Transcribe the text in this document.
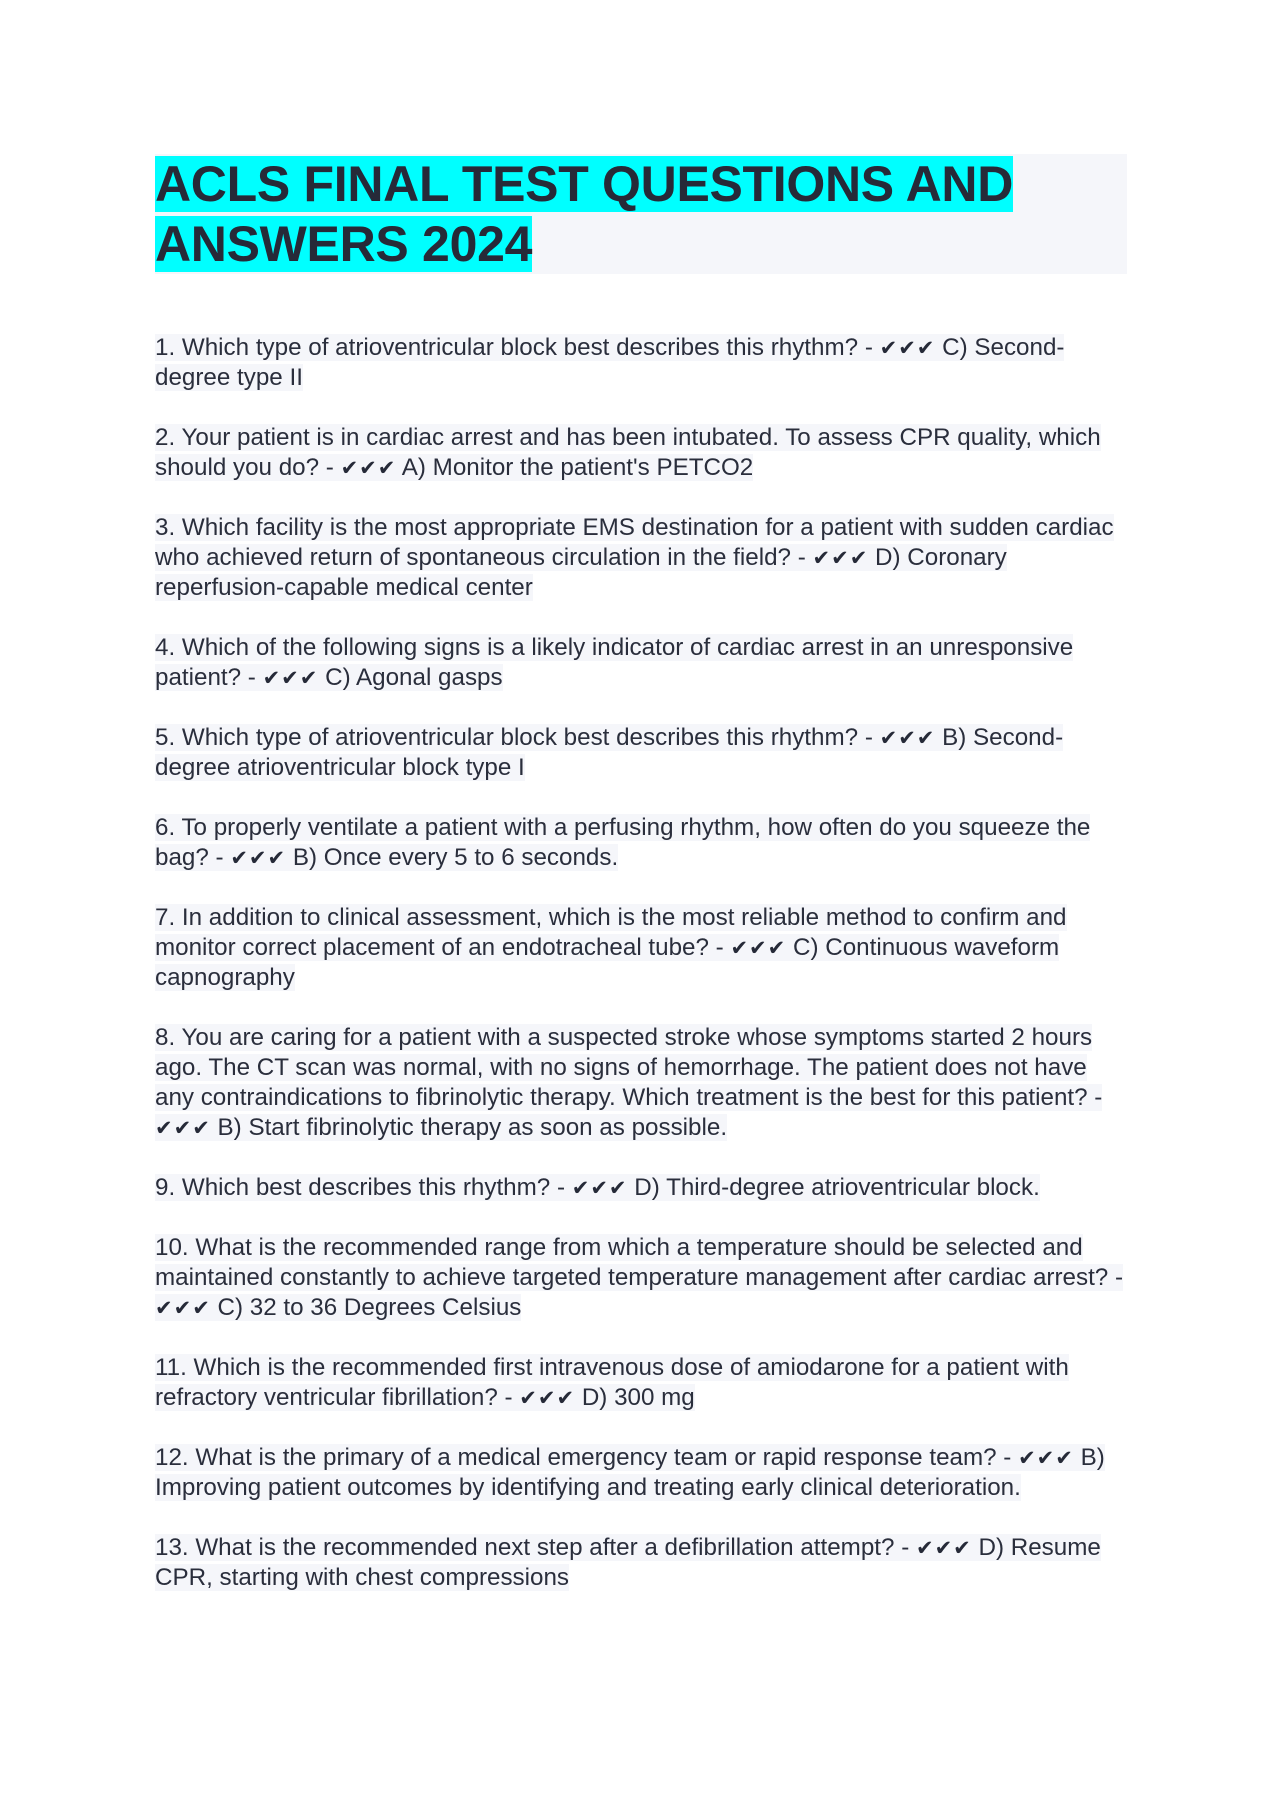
ACLS FINAL TEST QUESTIONS AND ANSWERS 2024

1. Which type of atrioventricular block best describes this rhythm? - ✔✔✔ C) Second-degree type II

2. Your patient is in cardiac arrest and has been intubated. To assess CPR quality, which should you do? - ✔✔✔ A) Monitor the patient's PETCO2

3. Which facility is the most appropriate EMS destination for a patient with sudden cardiac who achieved return of spontaneous circulation in the field? - ✔✔✔ D) Coronary reperfusion-capable medical center

4. Which of the following signs is a likely indicator of cardiac arrest in an unresponsive patient? - ✔✔✔ C) Agonal gasps

5. Which type of atrioventricular block best describes this rhythm? - ✔✔✔ B) Second-degree atrioventricular block type I

6. To properly ventilate a patient with a perfusing rhythm, how often do you squeeze the bag? - ✔✔✔ B) Once every 5 to 6 seconds.

7. In addition to clinical assessment, which is the most reliable method to confirm and monitor correct placement of an endotracheal tube? - ✔✔✔ C) Continuous waveform capnography

8. You are caring for a patient with a suspected stroke whose symptoms started 2 hours ago. The CT scan was normal, with no signs of hemorrhage. The patient does not have any contraindications to fibrinolytic therapy. Which treatment is the best for this patient? - ✔✔✔ B) Start fibrinolytic therapy as soon as possible.

9. Which best describes this rhythm? - ✔✔✔ D) Third-degree atrioventricular block.

10. What is the recommended range from which a temperature should be selected and maintained constantly to achieve targeted temperature management after cardiac arrest? - ✔✔✔ C) 32 to 36 Degrees Celsius

11. Which is the recommended first intravenous dose of amiodarone for a patient with refractory ventricular fibrillation? - ✔✔✔ D) 300 mg

12. What is the primary of a medical emergency team or rapid response team? - ✔✔✔ B) Improving patient outcomes by identifying and treating early clinical deterioration.

13. What is the recommended next step after a defibrillation attempt? - ✔✔✔ D) Resume CPR, starting with chest compressions
